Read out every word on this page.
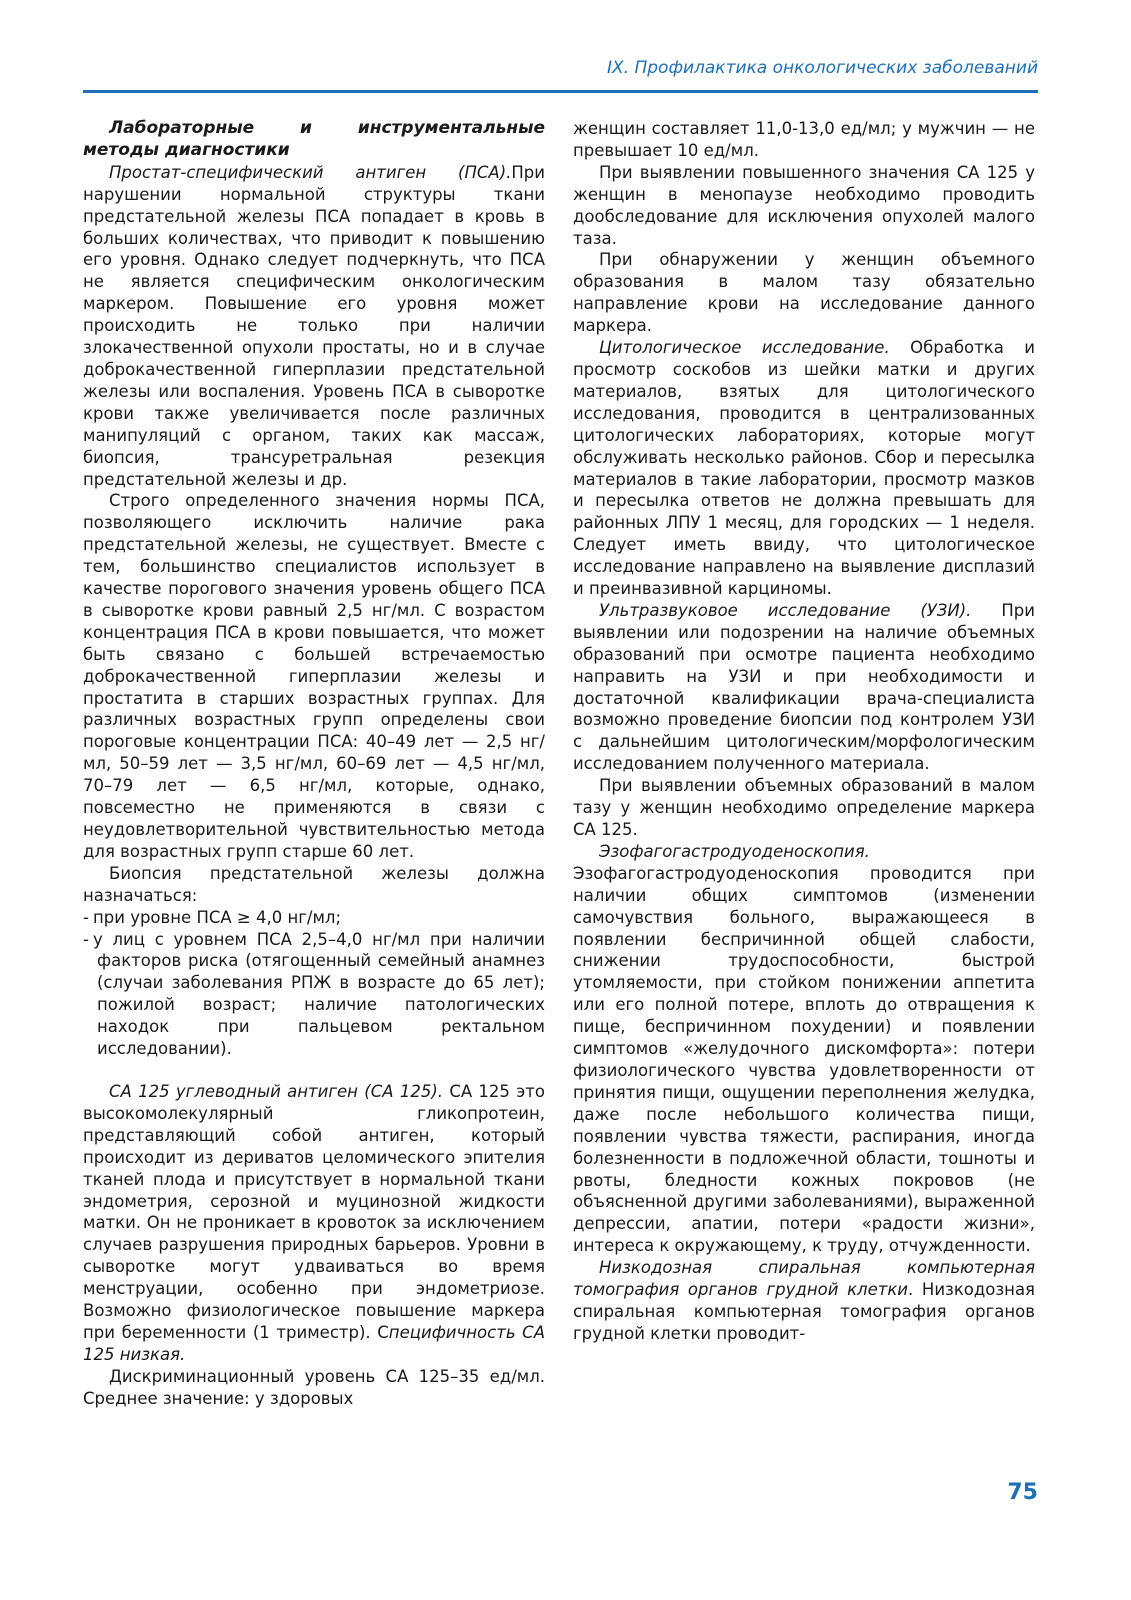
IX. Профилактика онкологических заболеваний
Лабораторные и инструментальные методы диагностики

Простат-специфический антиген (ПСА).При нарушении нормальной структуры ткани предстательной железы ПСА попадает в кровь в больших количествах, что приводит к повышению его уровня. Однако следует подчеркнуть, что ПСА не является специфическим онкологическим маркером. Повышение его уровня может происходить не только при наличии злокачественной опухоли простаты, но и в случае доброкачественной гиперплазии предстательной железы или воспаления. Уровень ПСА в сыворотке крови также увеличивается после различных манипуляций с органом, таких как массаж, биопсия, трансуретральная резекция предстательной железы и др.

Строго определенного значения нормы ПСА, позволяющего исключить наличие рака предстательной железы, не существует. Вместе с тем, большинство специалистов использует в качестве порогового значения уровень общего ПСА в сыворотке крови равный 2,5 нг/мл. С возрастом концентрация ПСА в крови повышается, что может быть связано с большей встречаемостью доброкачественной гиперплазии железы и простатита в старших возрастных группах. Для различных возрастных групп определены свои пороговые концентрации ПСА: 40–49 лет — 2,5 нг/мл, 50–59 лет — 3,5 нг/мл, 60–69 лет — 4,5 нг/мл, 70–79 лет — 6,5 нг/мл, которые, однако, повсеместно не применяются в связи с неудовлетворительной чувствительностью метода для возрастных групп старше 60 лет.

Биопсия предстательной железы должна назначаться:

- при уровне ПСА ≥ 4,0 нг/мл;
- у лиц с уровнем ПСА 2,5–4,0 нг/мл при наличии факторов риска (отягощенный семейный анамнез (случаи заболевания РПЖ в возрасте до 65 лет); пожилой возраст; наличие патологических находок при пальцевом ректальном исследовании).

СА 125 углеводный антиген (СА 125). СА 125 это высокомолекулярный гликопротеин, представляющий собой антиген, который происходит из дериватов целомического эпителия тканей плода и присутствует в нормальной ткани эндометрия, серозной и муцинозной жидкости матки. Он не проникает в кровоток за исключением случаев разрушения природных барьеров. Уровни в сыворотке могут удваиваться во время менструации, особенно при эндометриозе. Возможно физиологическое повышение маркера при беременности (1 триместр). Специфичность СА 125 низкая.

Дискриминационный уровень СА 125–35 ед/мл. Среднее значение: у здоровых

женщин составляет 11,0-13,0 ед/мл; у мужчин — не превышает 10 ед/мл.

При выявлении повышенного значения СА 125 у женщин в менопаузе необходимо проводить дообследование для исключения опухолей малого таза.

При обнаружении у женщин объемного образования в малом тазу обязательно направление крови на исследование данного маркера.

Цитологическое исследование. Обработка и просмотр соскобов из шейки матки и других материалов, взятых для цитологического исследования, проводится в централизованных цитологических лабораториях, которые могут обслуживать несколько районов. Сбор и пересылка материалов в такие лаборатории, просмотр мазков и пересылка ответов не должна превышать для районных ЛПУ 1 месяц, для городских — 1 неделя. Следует иметь ввиду, что цитологическое исследование направлено на выявление дисплазий и преинвазивной карциномы.

Ультразвуковое исследование (УЗИ). При выявлении или подозрении на наличие объемных образований при осмотре пациента необходимо направить на УЗИ и при необходимости и достаточной квалификации врача-специалиста возможно проведение биопсии под контролем УЗИ с дальнейшим цитологическим/морфологическим исследованием полученного материала.

При выявлении объемных образований в малом тазу у женщин необходимо определение маркера СА 125.

Эзофагогастродуоденоскопия.

Эзофагогастродуоденоскопия проводится при наличии общих симптомов (изменении самочувствия больного, выражающееся в появлении беспричинной общей слабости, снижении трудоспособности, быстрой утомляемости, при стойком понижении аппетита или его полной потере, вплоть до отвращения к пище, беспричинном похудении) и появлении симптомов «желудочного дискомфорта»: потери физиологического чувства удовлетворенности от принятия пищи, ощущении переполнения желудка, даже после небольшого количества пищи, появлении чувства тяжести, распирания, иногда болезненности в подложечной области, тошноты и рвоты, бледности кожных покровов (не объясненной другими заболеваниями), выраженной депрессии, апатии, потери «радости жизни», интереса к окружающему, к труду, отчужденности.

Низкодозная спиральная компьютерная томография органов грудной клетки. Низкодозная спиральная компьютерная томография органов грудной клетки проводит-

75
